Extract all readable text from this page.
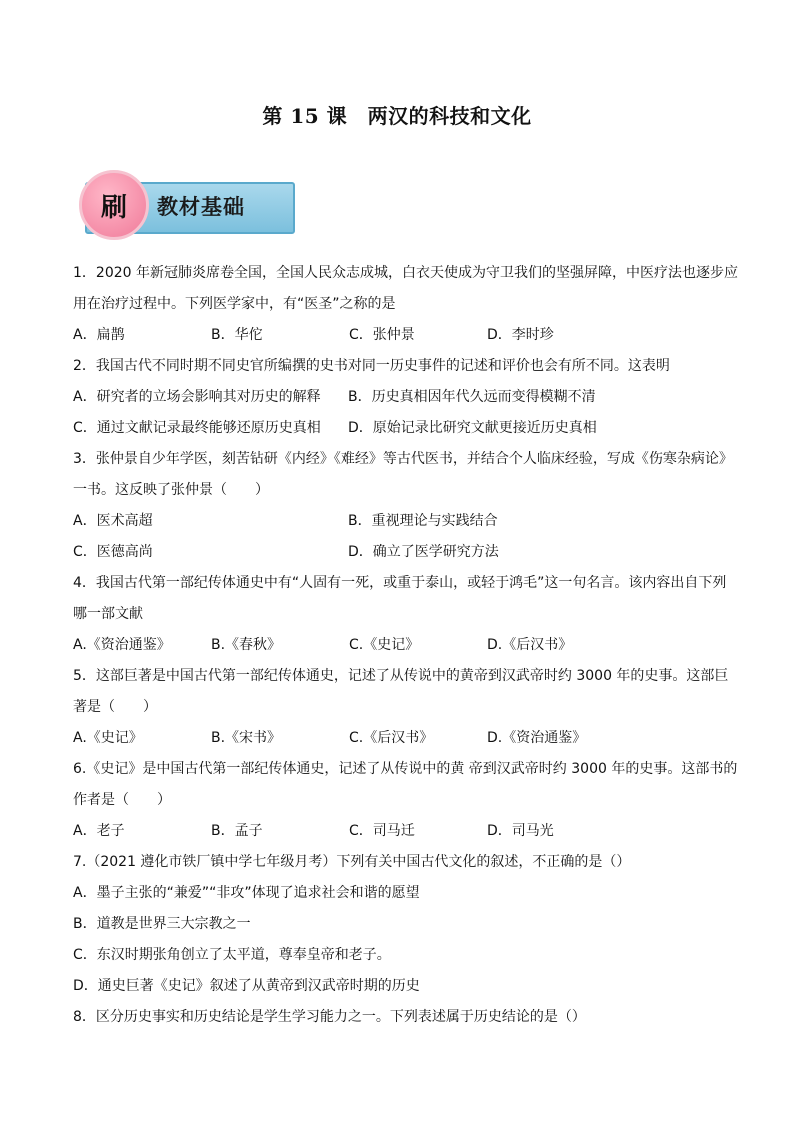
第 15 课　两汉的科技和文化
刷 教材基础
1．2020 年新冠肺炎席卷全国，全国人民众志成城，白衣天使成为守卫我们的坚强屏障，中医疗法也逐步应
用在治疗过程中。下列医学家中，有“医圣”之称的是
A．扁鹊	B．华佗	C．张仲景	D．李时珍
2．我国古代不同时期不同史官所编撰的史书对同一历史事件的记述和评价也会有所不同。这表明
A．研究者的立场会影响其对历史的解释	B．历史真相因年代久远而变得模糊不清
C．通过文献记录最终能够还原历史真相	D．原始记录比研究文献更接近历史真相
3．张仲景自少年学医，刻苦钻研《内经》《难经》等古代医书，并结合个人临床经验，写成《伤寒杂病论》
一书。这反映了张仲景（　　）
A．医术高超	B．重视理论与实践结合
C．医德高尚	D．确立了医学研究方法
4．我国古代第一部纪传体通史中有“人固有一死，或重于泰山，或轻于鸿毛”这一句名言。该内容出自下列
哪一部文献
A.《资治通鉴》	B.《春秋》	C.《史记》	D.《后汉书》
5．这部巨著是中国古代第一部纪传体通史，记述了从传说中的黄帝到汉武帝时约 3000 年的史事。这部巨
著是（　　）
A.《史记》	B.《宋书》	C.《后汉书》	D.《资治通鉴》
6.《史记》是中国古代第一部纪传体通史，记述了从传说中的黄 帝到汉武帝时约 3000 年的史事。这部书的
作者是（　　）
A．老子	B．孟子	C．司马迁	D．司马光
7.（2021 遵化市铁厂镇中学七年级月考）下列有关中国古代文化的叙述，不正确的是（）
A．墨子主张的“兼爱”“非攻”体现了追求社会和谐的愿望
B．道教是世界三大宗教之一
C．东汉时期张角创立了太平道，尊奉皇帝和老子。
D．通史巨著《史记》叙述了从黄帝到汉武帝时期的历史
8．区分历史事实和历史结论是学生学习能力之一。下列表述属于历史结论的是（）
